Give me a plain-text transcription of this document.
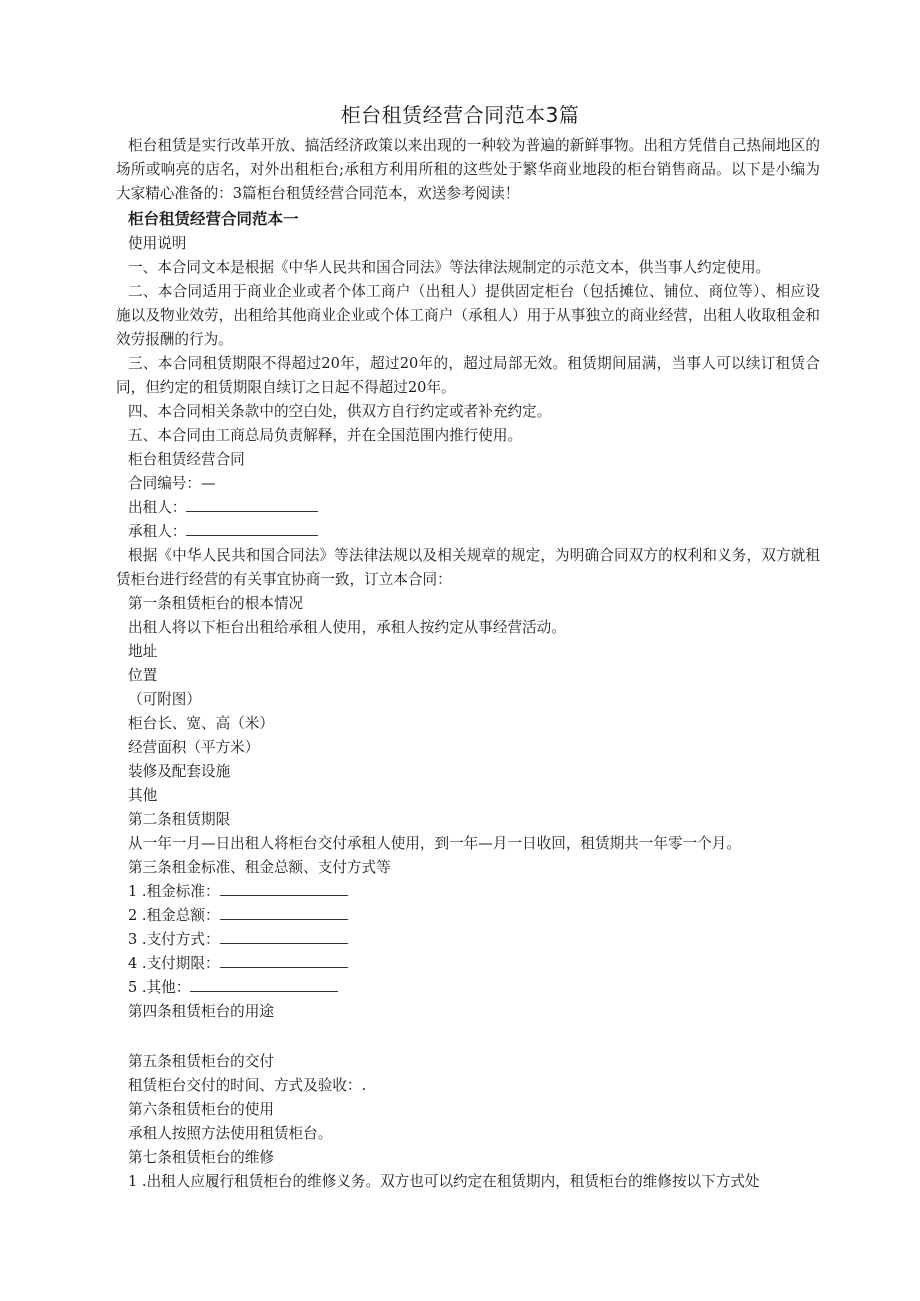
柜台租赁经营合同范本3篇
柜台租赁是实行改革开放、搞活经济政策以来出现的一种较为普遍的新鲜事物。出租方凭借自己热闹地区的场所或响亮的店名，对外出租柜台;承租方利用所租的这些处于繁华商业地段的柜台销售商品。以下是小编为大家精心准备的：3篇柜台租赁经营合同范本，欢送参考阅读！
柜台租赁经营合同范本一

使用说明

一、本合同文本是根据《中华人民共和国合同法》等法律法规制定的示范文本，供当事人约定使用。

二、本合同适用于商业企业或者个体工商户（出租人）提供固定柜台（包括摊位、铺位、商位等）、相应设施以及物业效劳，出租给其他商业企业或个体工商户（承租人）用于从事独立的商业经营，出租人收取租金和效劳报酬的行为。

三、本合同租赁期限不得超过20年，超过20年的，超过局部无效。租赁期间届满，当事人可以续订租赁合同，但约定的租赁期限自续订之日起不得超过20年。

四、本合同相关条款中的空白处，供双方自行约定或者补充约定。

五、本合同由工商总局负责解释，并在全国范围内推行使用。

柜台租赁经营合同

合同编号：—

出租人：

承租人：

根据《中华人民共和国合同法》等法律法规以及相关规章的规定，为明确合同双方的权利和义务，双方就租赁柜台进行经营的有关事宜协商一致，订立本合同：

第一条租赁柜台的根本情况

出租人将以下柜台出租给承租人使用，承租人按约定从事经营活动。

地址

位置

（可附图）

柜台长、宽、高（米）

经营面积（平方米）

装修及配套设施

其他

第二条租赁期限

从一年一月—日出租人将柜台交付承租人使用，到一年—月一日收回，租赁期共一年零一个月。

第三条租金标准、租金总额、支付方式等

1 .租金标准：

2 .租金总额：

3 .支付方式：

4 .支付期限：

5 .其他：

第四条租赁柜台的用途

第五条租赁柜台的交付

租赁柜台交付的时间、方式及验收：.

第六条租赁柜台的使用

承租人按照方法使用租赁柜台。

第七条租赁柜台的维修

1 .出租人应履行租赁柜台的维修义务。双方也可以约定在租赁期内，租赁柜台的维修按以下方式处
